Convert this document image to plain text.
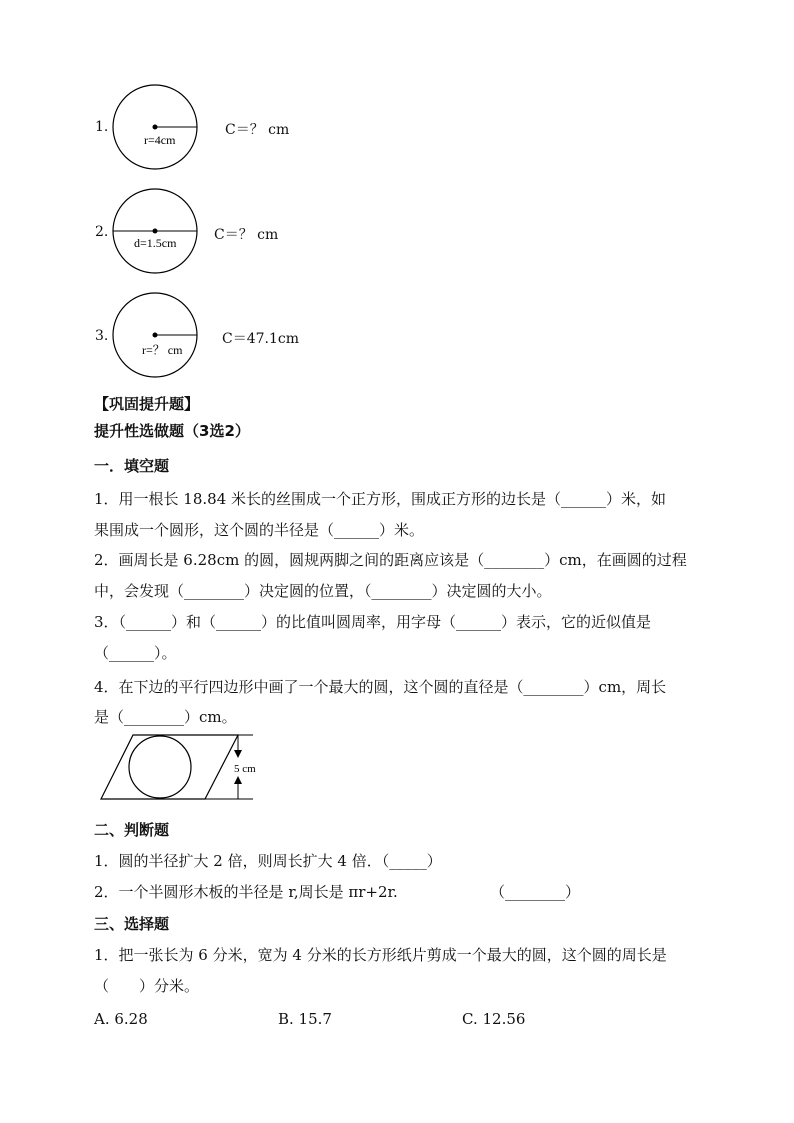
1.
r=4cm
C＝？ cm
2.
d=1.5cm	C＝？ cm
3.
r=？ cm
C＝47.1cm
【巩固提升题】
提升性选做题（3选2）
一．填空题
1．用一根长 18.84 米长的丝围成一个正方形，围成正方形的边长是（______）米，如
果围成一个圆形，这个圆的半径是（______）米。
2．画周长是 6.28cm 的圆，圆规两脚之间的距离应该是（________）cm，在画圆的过程
中，会发现（________）决定圆的位置，（________）决定圆的大小。
3．（______）和（______）的比值叫圆周率，用字母（______）表示，它的近似值是
（______）。
4．在下边的平行四边形中画了一个最大的圆，这个圆的直径是（________）cm，周长
是（________）cm。
5 cm
二、判断题
1．圆的半径扩大 2 倍，则周长扩大 4 倍．（_____）
2．一个半圆形木板的半径是 r,周长是 πr+2r.	（________）
三、选择题
1．把一张长为 6 分米，宽为 4 分米的长方形纸片剪成一个最大的圆，这个圆的周长是
（　　）分米。
A. 6.28	B. 15.7	C. 12.56
